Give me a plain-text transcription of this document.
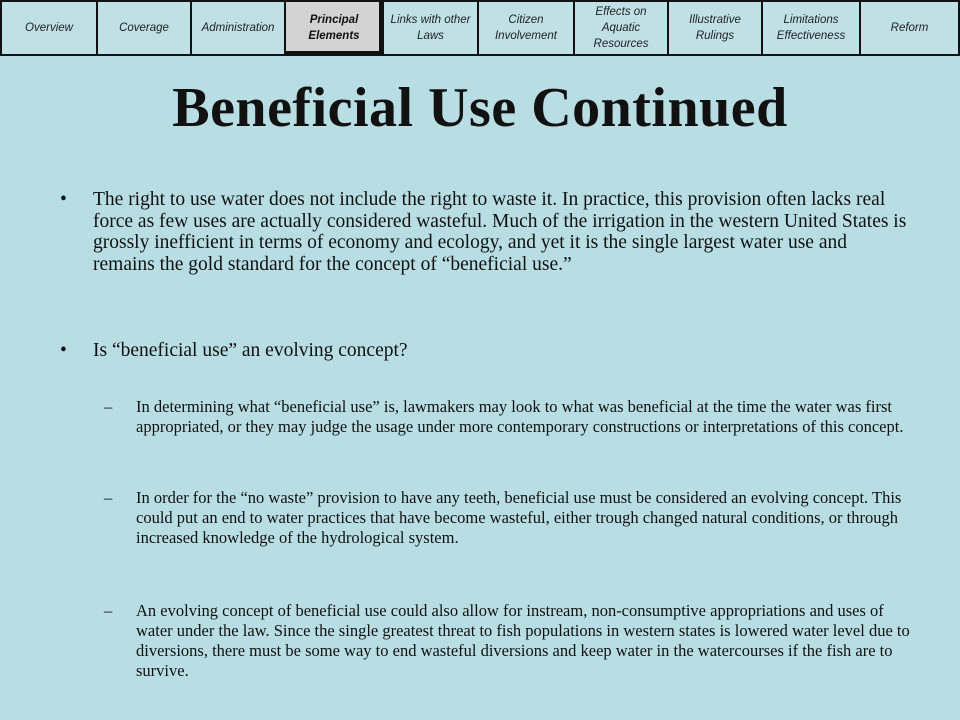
Overview	Coverage	Administration
Principal Elements
Links with other Laws
Citizen Involvement
Effects on Aquatic Resources
Illustrative Rulings
Limitations Effectiveness
Reform
Beneficial Use Continued
• The right to use water does not include the right to waste it. In practice, this provision often lacks real force as few uses are actually considered wasteful. Much of the irrigation in the western United States is grossly inefficient in terms of economy and ecology, and yet it is the single largest water use and remains the gold standard for the concept of “beneficial use.”
• Is “beneficial use” an evolving concept?
– In determining what “beneficial use” is, lawmakers may look to what was beneficial at the time the water was first appropriated, or they may judge the usage under more contemporary constructions or interpretations of this concept.
– In order for the “no waste” provision to have any teeth, beneficial use must be considered an evolving concept. This could put an end to water practices that have become wasteful, either trough changed natural conditions, or through increased knowledge of the hydrological system.
– An evolving concept of beneficial use could also allow for instream, non-consumptive appropriations and uses of water under the law. Since the single greatest threat to fish populations in western states is lowered water level due to diversions, there must be some way to end wasteful diversions and keep water in the watercourses if the fish are to survive.
